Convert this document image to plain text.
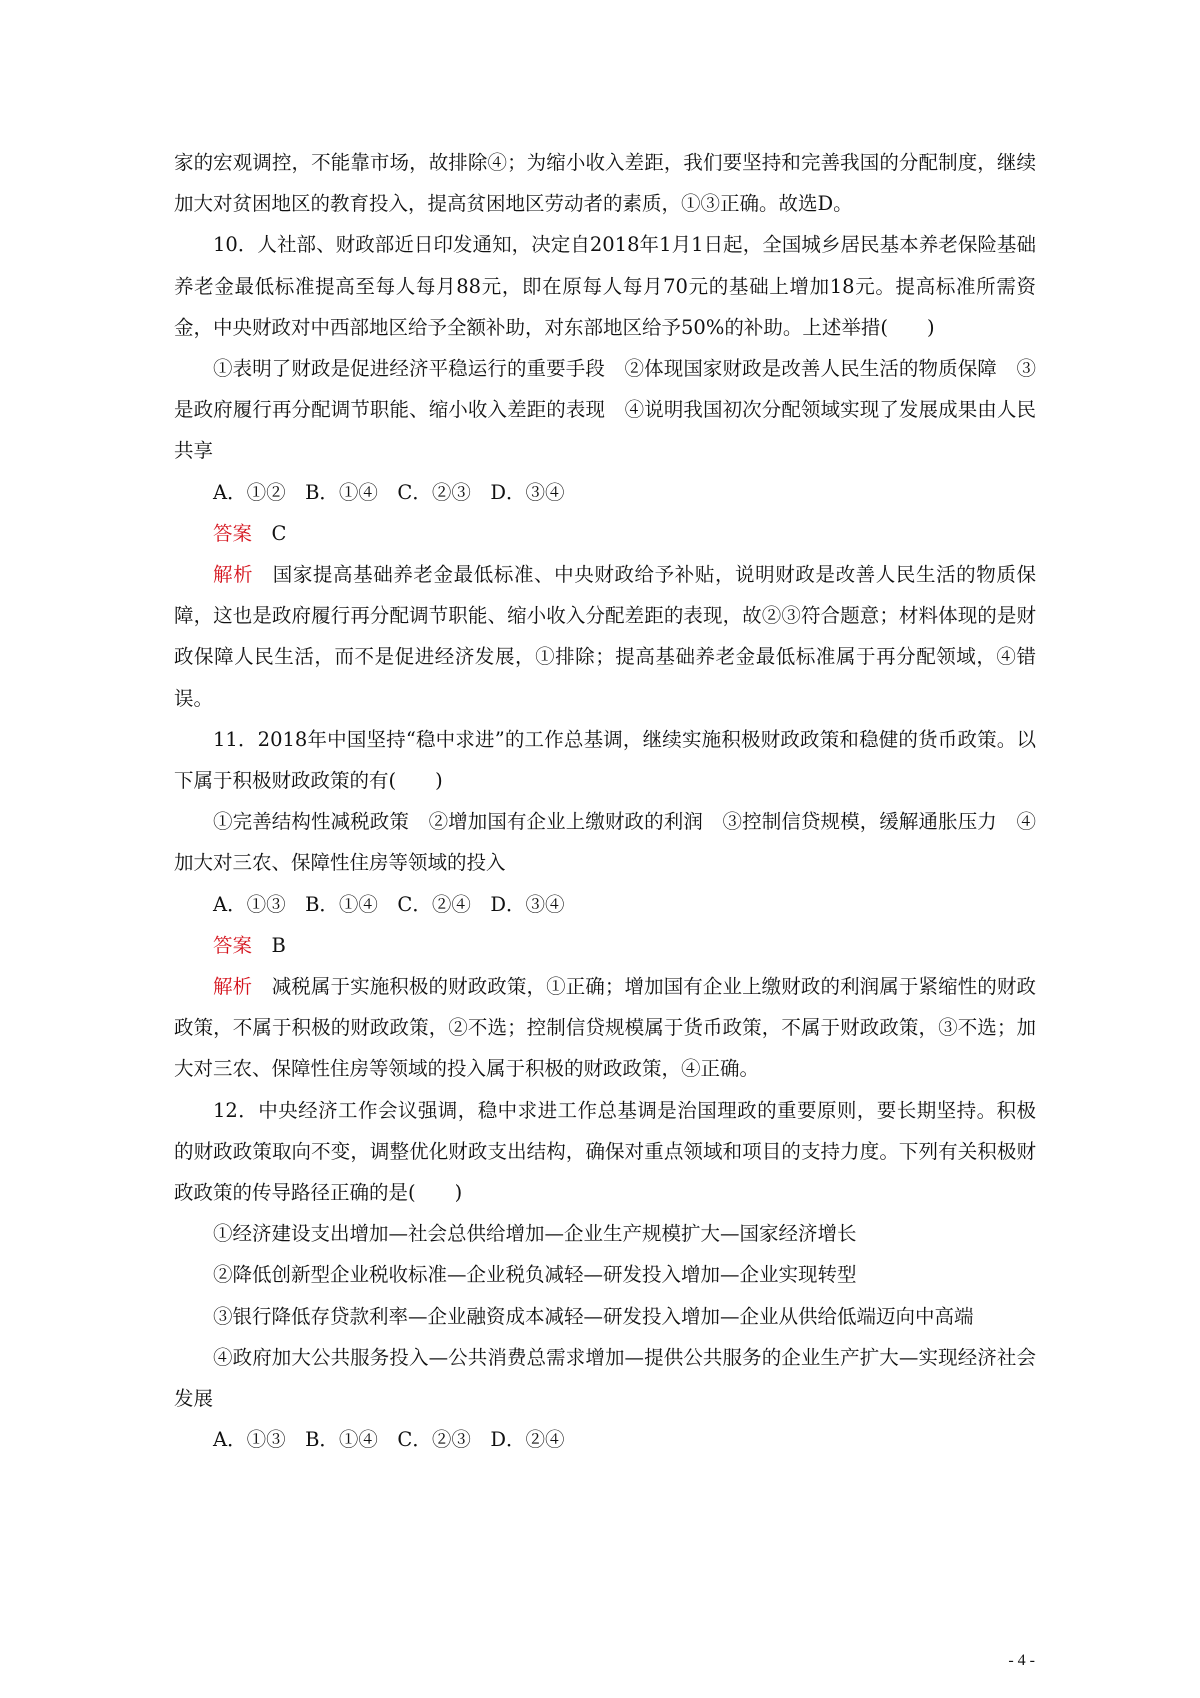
家的宏观调控，不能靠市场，故排除④；为缩小收入差距，我们要坚持和完善我国的分配制度，继续加大对贫困地区的教育投入，提高贫困地区劳动者的素质，①③正确。故选D。

10．人社部、财政部近日印发通知，决定自2018年1月1日起，全国城乡居民基本养老保险基础养老金最低标准提高至每人每月88元，即在原每人每月70元的基础上增加18元。提高标准所需资金，中央财政对中西部地区给予全额补助，对东部地区给予50%的补助。上述举措(　　)

①表明了财政是促进经济平稳运行的重要手段　②体现国家财政是改善人民生活的物质保障　③是政府履行再分配调节职能、缩小收入差距的表现　④说明我国初次分配领域实现了发展成果由人民共享

A．①②　B．①④　C．②③　D．③④

答案 C

解析 国家提高基础养老金最低标准、中央财政给予补贴，说明财政是改善人民生活的物质保障，这也是政府履行再分配调节职能、缩小收入分配差距的表现，故②③符合题意；材料体现的是财政保障人民生活，而不是促进经济发展，①排除；提高基础养老金最低标准属于再分配领域，④错误。

11．2018年中国坚持“稳中求进”的工作总基调，继续实施积极财政政策和稳健的货币政策。以下属于积极财政政策的有(　　)

①完善结构性减税政策　②增加国有企业上缴财政的利润　③控制信贷规模，缓解通胀压力　④加大对三农、保障性住房等领域的投入

A．①③　B．①④　C．②④　D．③④

答案 B

解析 减税属于实施积极的财政政策，①正确；增加国有企业上缴财政的利润属于紧缩性的财政政策，不属于积极的财政政策，②不选；控制信贷规模属于货币政策，不属于财政政策，③不选；加大对三农、保障性住房等领域的投入属于积极的财政政策，④正确。

12．中央经济工作会议强调，稳中求进工作总基调是治国理政的重要原则，要长期坚持。积极的财政政策取向不变，调整优化财政支出结构，确保对重点领域和项目的支持力度。下列有关积极财政政策的传导路径正确的是(　　)

①经济建设支出增加—社会总供给增加—企业生产规模扩大—国家经济增长

②降低创新型企业税收标准—企业税负减轻—研发投入增加—企业实现转型

③银行降低存贷款利率—企业融资成本减轻—研发投入增加—企业从供给低端迈向中高端

④政府加大公共服务投入—公共消费总需求增加—提供公共服务的企业生产扩大—实现经济社会发展

A．①③　B．①④　C．②③　D．②④

- 4 -
